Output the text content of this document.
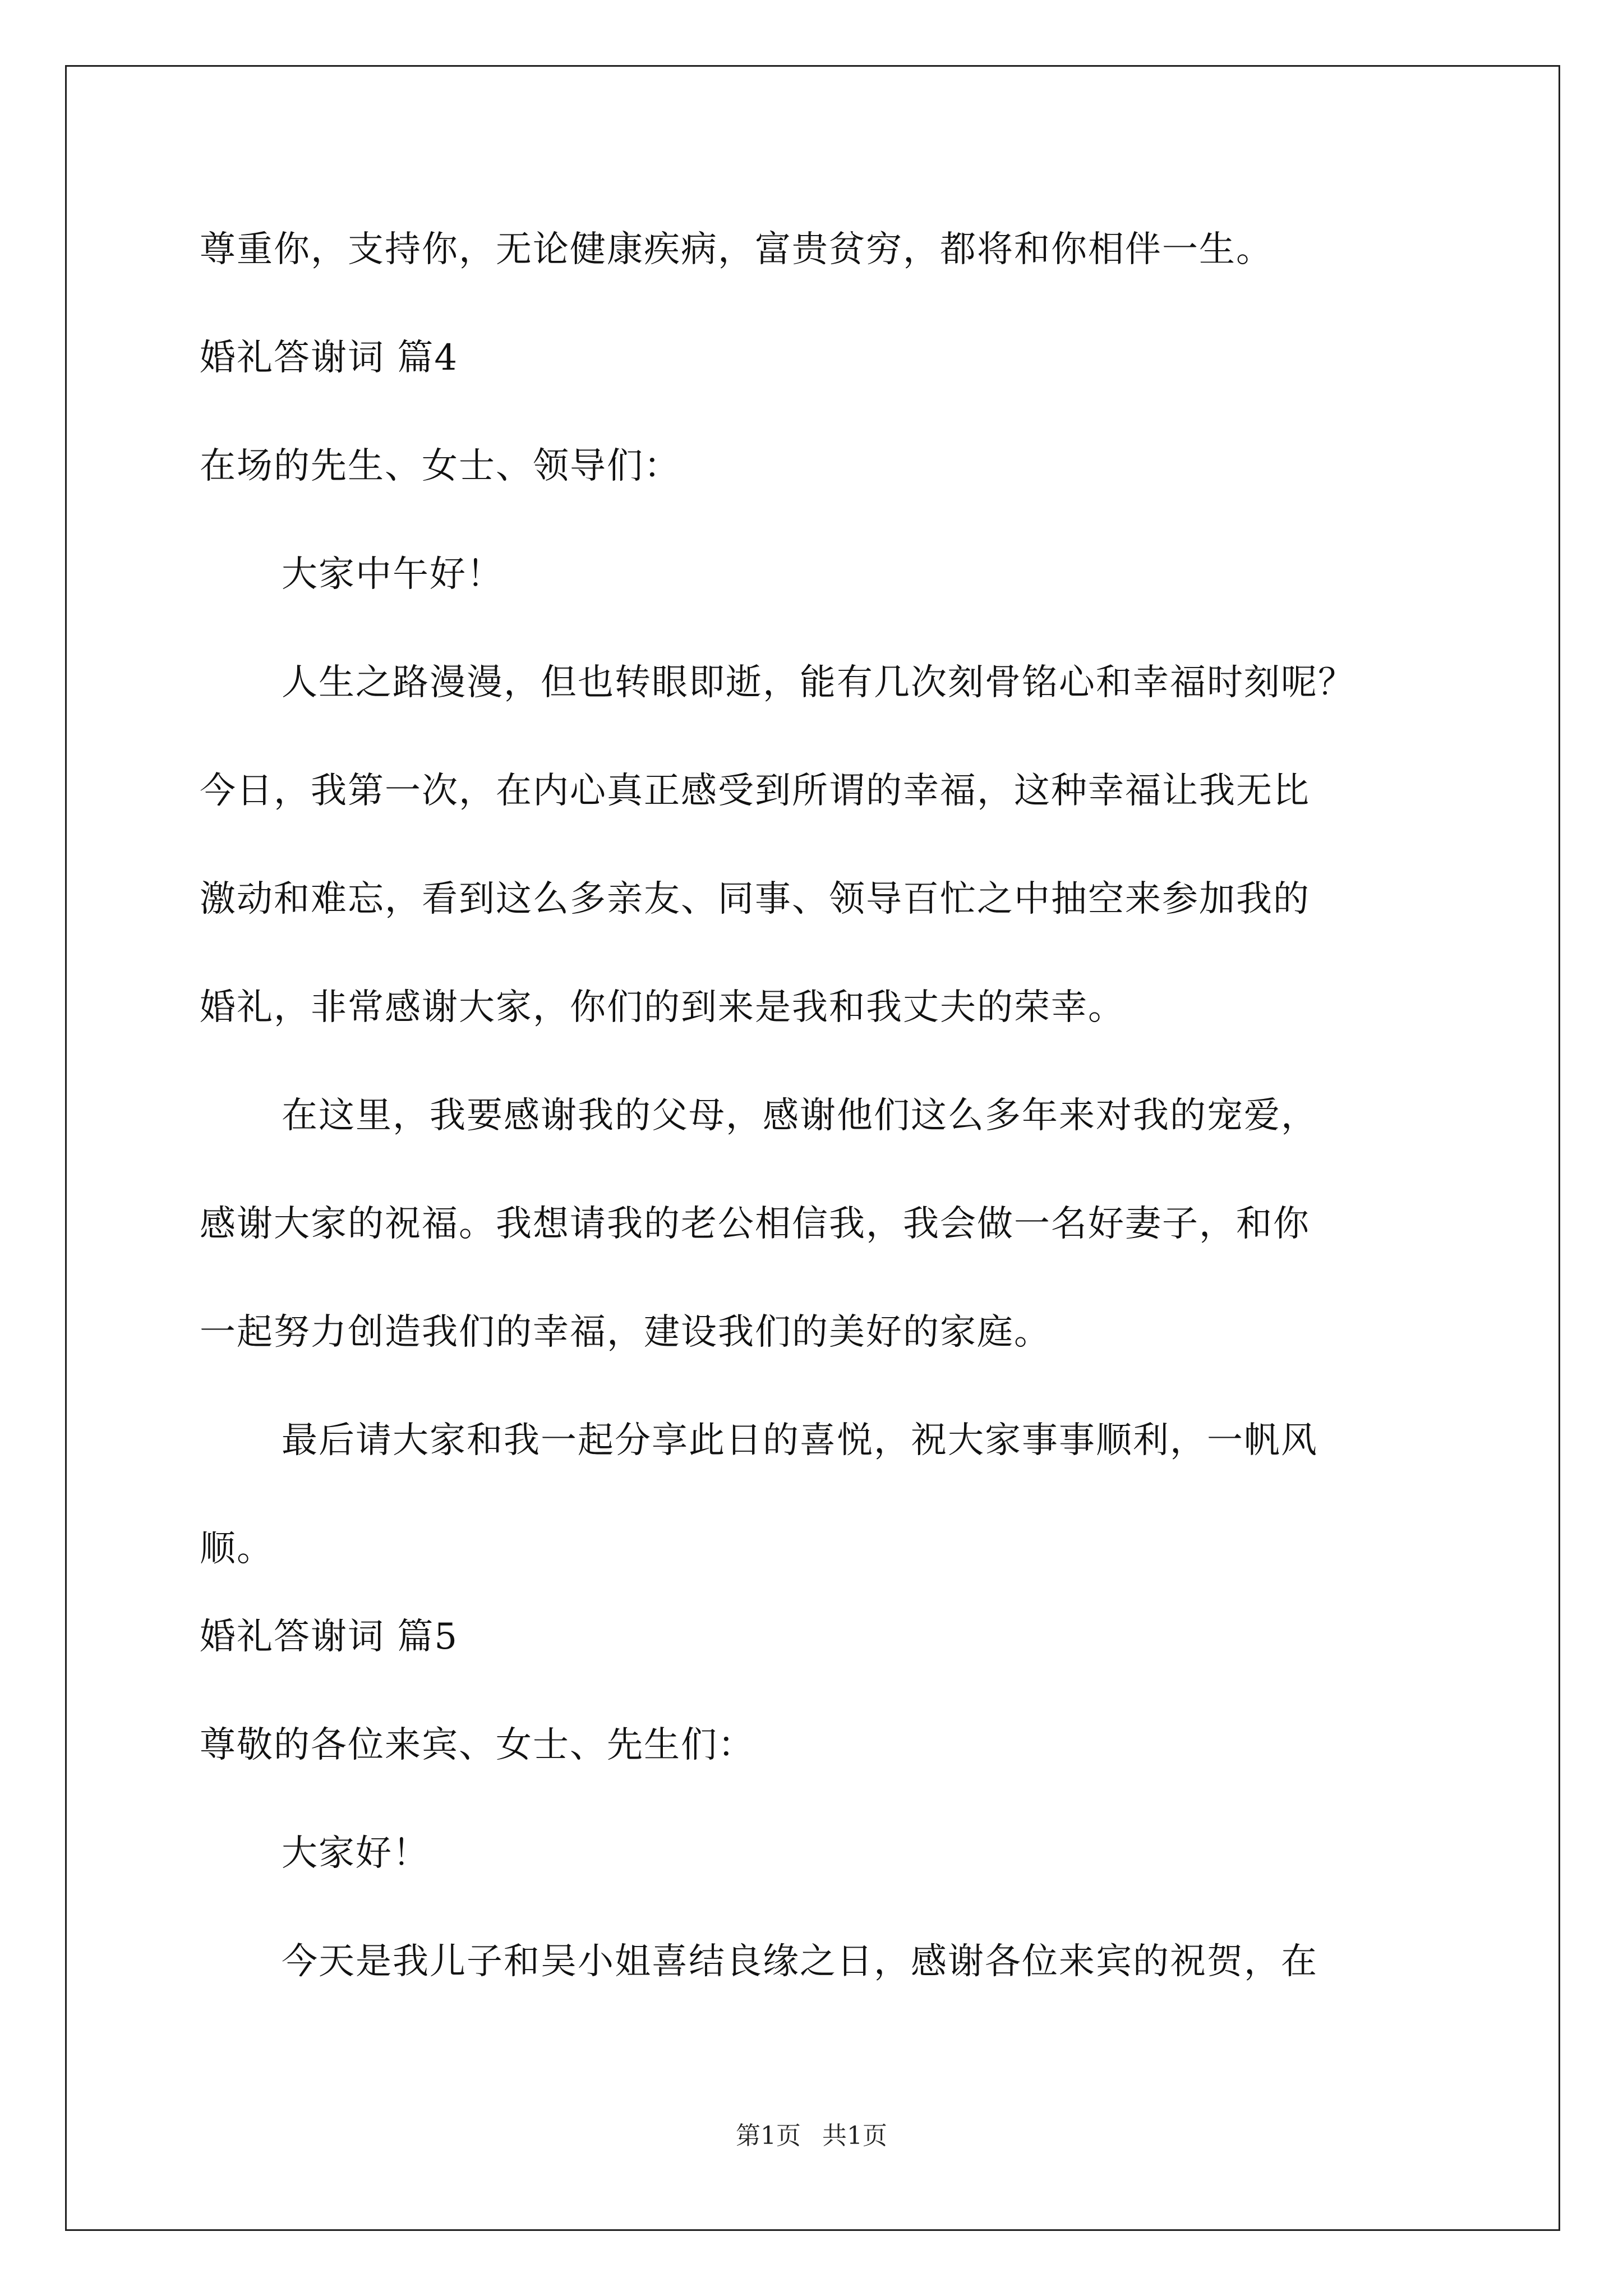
尊重你，支持你，无论健康疾病，富贵贫穷，都将和你相伴一生。
婚礼答谢词 篇4
在场的先生、女士、领导们：
大家中午好！
人生之路漫漫，但也转眼即逝，能有几次刻骨铭心和幸福时刻呢？
今日，我第一次，在内心真正感受到所谓的幸福，这种幸福让我无比
激动和难忘，看到这么多亲友、同事、领导百忙之中抽空来参加我的
婚礼，非常感谢大家，你们的到来是我和我丈夫的荣幸。
在这里，我要感谢我的父母，感谢他们这么多年来对我的宠爱，
感谢大家的祝福。我想请我的老公相信我，我会做一名好妻子，和你
一起努力创造我们的幸福，建设我们的美好的家庭。
最后请大家和我一起分享此日的喜悦，祝大家事事顺利，一帆风
顺。
婚礼答谢词 篇5
尊敬的各位来宾、女士、先生们：
大家好！
今天是我儿子和吴小姐喜结良缘之日，感谢各位来宾的祝贺，在
第1页 共1页
